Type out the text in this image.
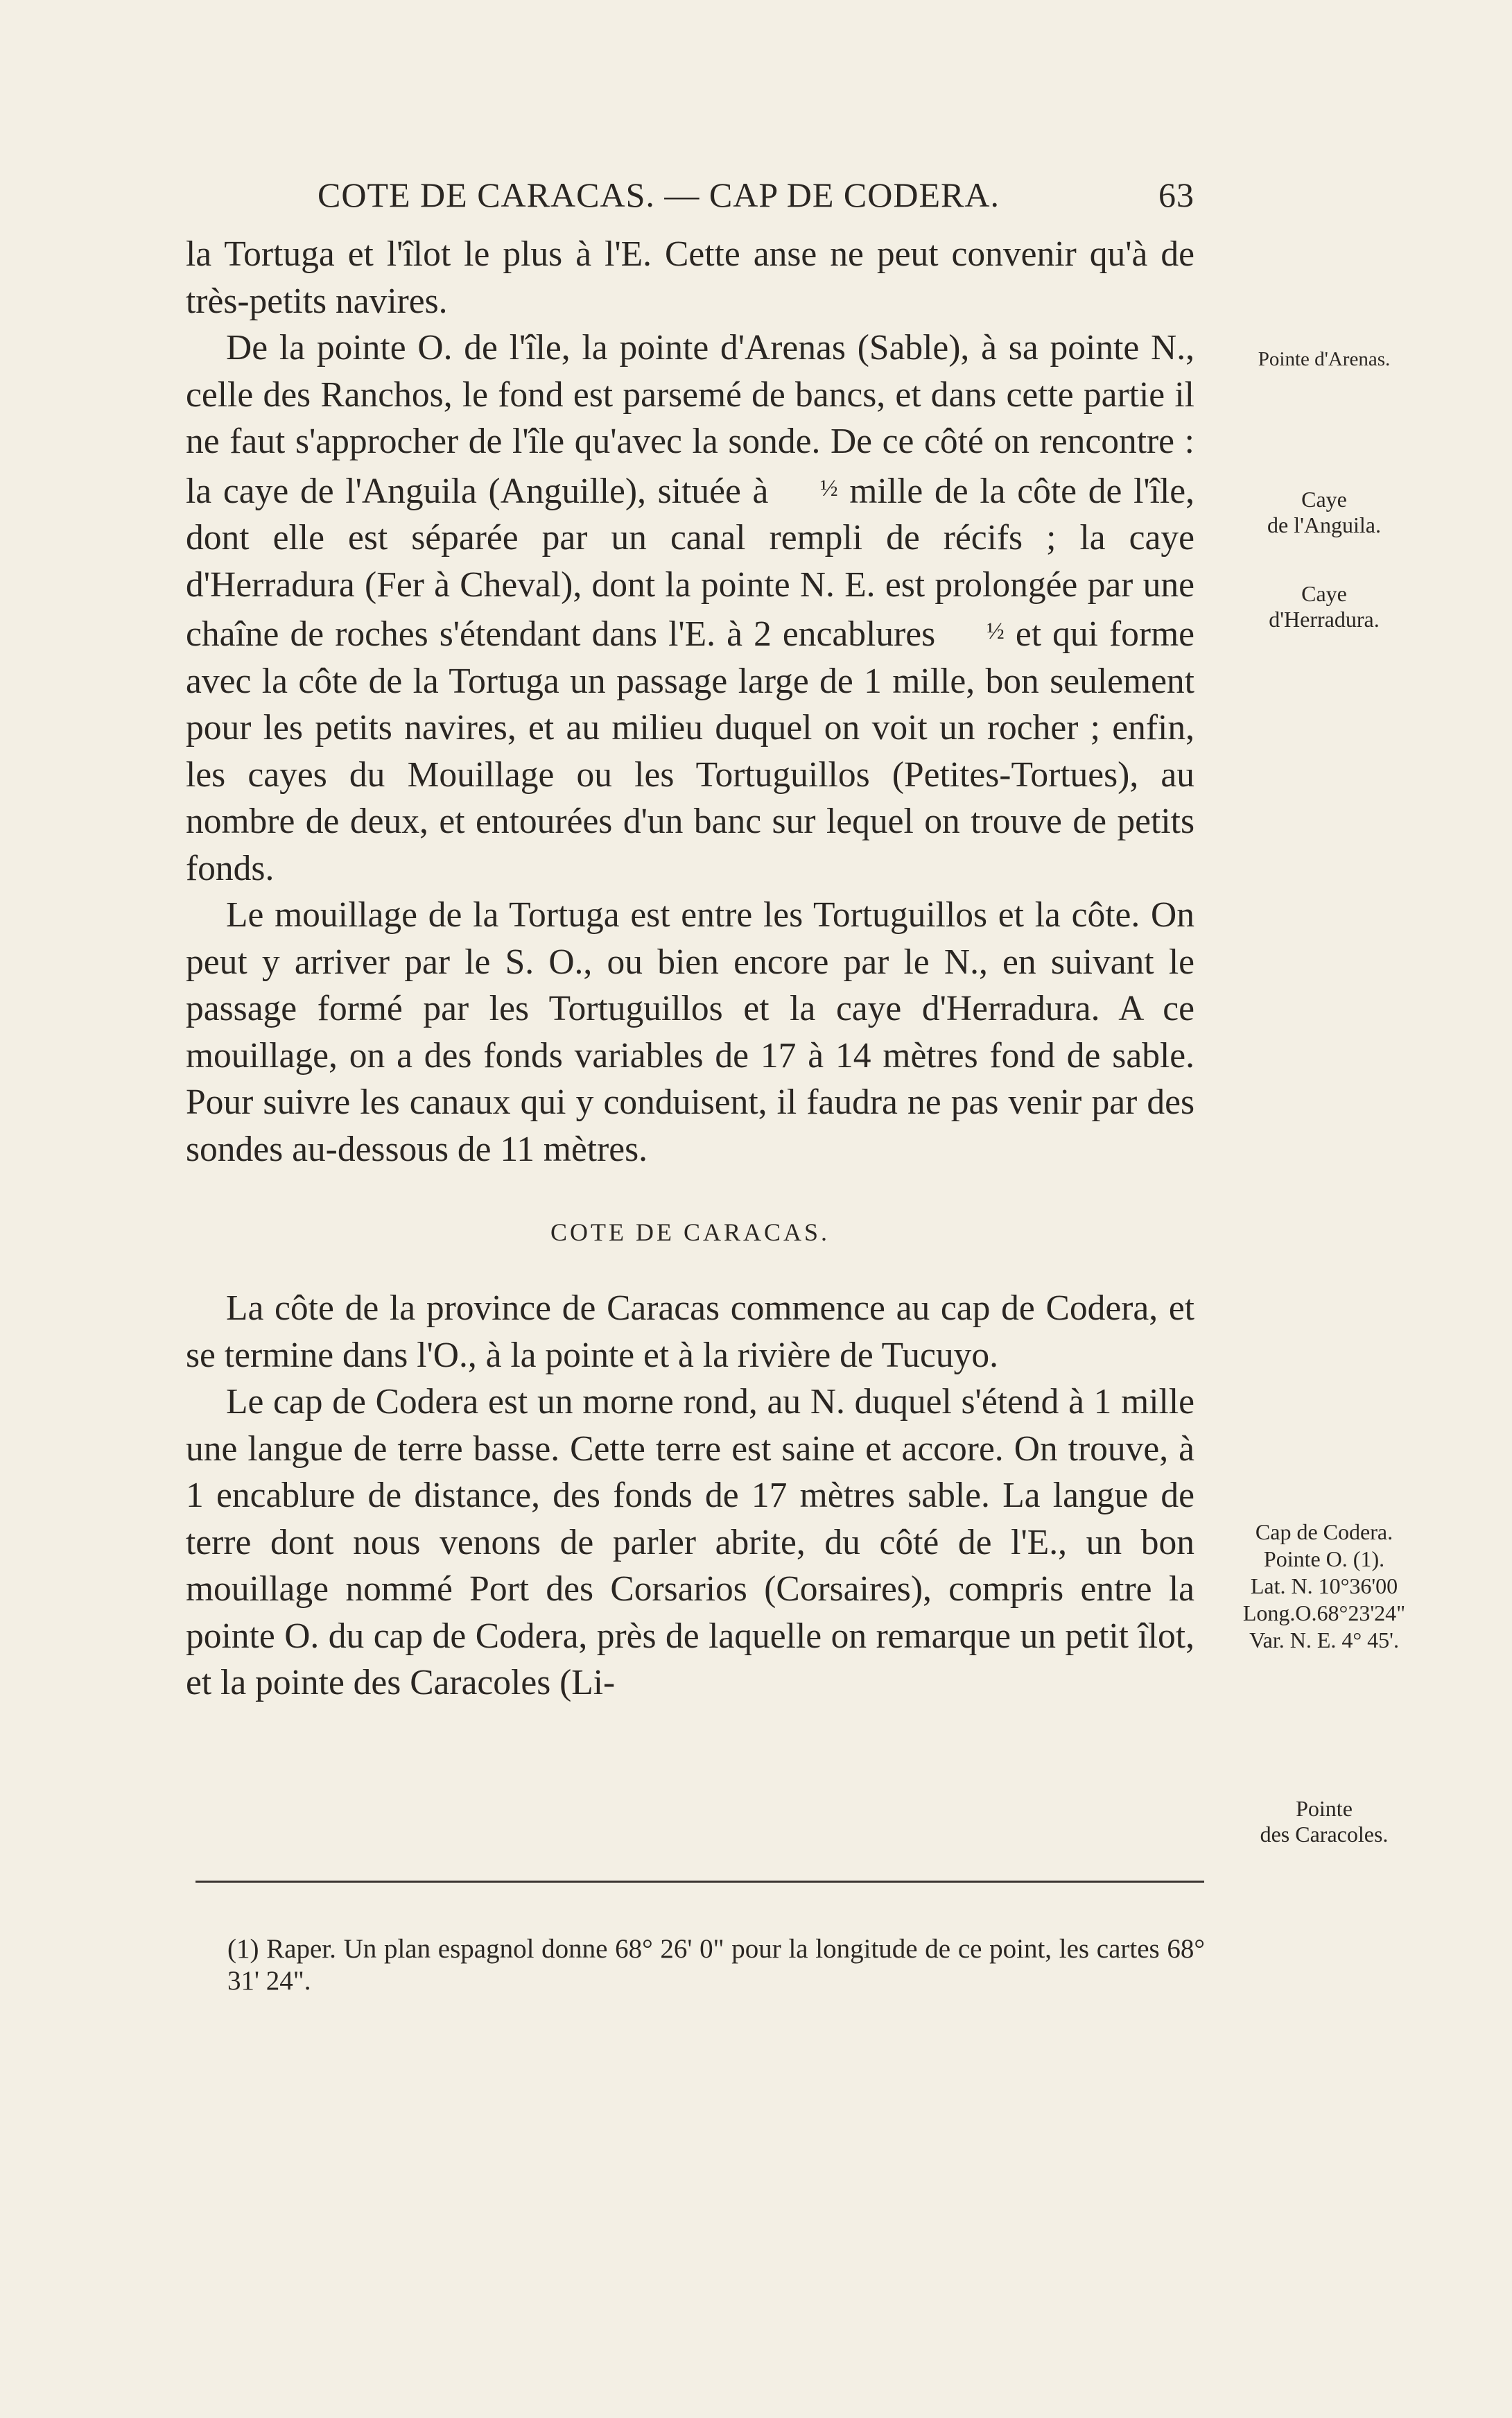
COTE DE CARACAS. — CAP DE CODERA.	63

la Tortuga et l'îlot le plus à l'E. Cette anse ne peut convenir qu'à de très-petits navires.

De la pointe O. de l'île, la pointe d'Arenas (Sable), à sa pointe N., celle des Ranchos, le fond est parsemé de bancs, et dans cette partie il ne faut s'approcher de l'île qu'avec la sonde. De ce côté on rencontre : la caye de l'Anguila (Anguille), située à ½ mille de la côte de l'île, dont elle est séparée par un canal rempli de récifs ; la caye d'Herradura (Fer à Cheval), dont la pointe N. E. est prolongée par une chaîne de roches s'étendant dans l'E. à 2 encablures ½ et qui forme avec la côte de la Tortuga un passage large de 1 mille, bon seulement pour les petits navires, et au milieu duquel on voit un rocher ; enfin, les cayes du Mouillage ou les Tortuguillos (Petites-Tortues), au nombre de deux, et entourées d'un banc sur lequel on trouve de petits fonds.

Le mouillage de la Tortuga est entre les Tortuguillos et la côte. On peut y arriver par le S. O., ou bien encore par le N., en suivant le passage formé par les Tortuguillos et la caye d'Herradura. A ce mouillage, on a des fonds variables de 17 à 14 mètres fond de sable. Pour suivre les canaux qui y conduisent, il faudra ne pas venir par des sondes au-dessous de 11 mètres.

COTE DE CARACAS.

La côte de la province de Caracas commence au cap de Codera, et se termine dans l'O., à la pointe et à la rivière de Tucuyo.

Le cap de Codera est un morne rond, au N. duquel s'étend à 1 mille une langue de terre basse. Cette terre est saine et accore. On trouve, à 1 encablure de distance, des fonds de 17 mètres sable. La langue de terre dont nous venons de parler abrite, du côté de l'E., un bon mouillage nommé Port des Corsarios (Corsaires), compris entre la pointe O. du cap de Codera, près de laquelle on remarque un petit îlot, et la pointe des Caracoles (Li-

Pointe d'Arenas.
Caye
de l'Anguila.
Caye
d'Herradura.
Cap de Codera.
Pointe O. (1).
Lat. N. 10°36'00
Long.O.68°23'24"
Var. N. E. 4° 45'.
Pointe
des Caracoles.
(1) Raper. Un plan espagnol donne 68° 26' 0" pour la longitude de ce point, les cartes 68° 31' 24".
